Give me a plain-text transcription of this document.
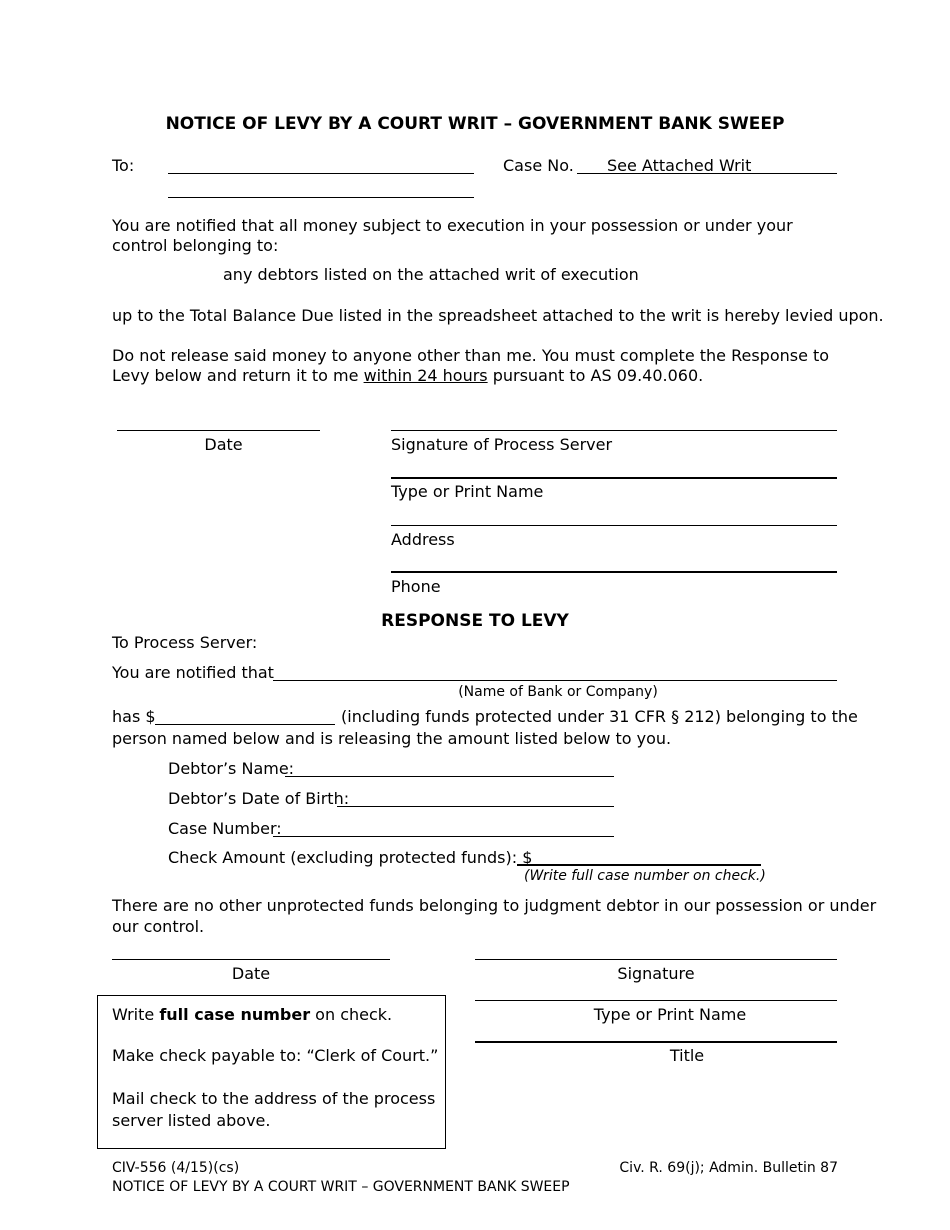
NOTICE OF LEVY BY A COURT WRIT – GOVERNMENT BANK SWEEP
To:	Case No. See Attached Writ
You are notified that all money subject to execution in your possession or under your control belonging to:
any debtors listed on the attached writ of execution
up to the Total Balance Due listed in the spreadsheet attached to the writ is hereby levied upon.
Do not release said money to anyone other than me. You must complete the Response to Levy below and return it to me within 24 hours pursuant to AS 09.40.060.
Date	Signature of Process Server
Type or Print Name
Address
Phone
RESPONSE TO LEVY
To Process Server:
You are notified that
(Name of Bank or Company)
has $	(including funds protected under 31 CFR § 212) belonging to the
person named below and is releasing the amount listed below to you.
Debtor’s Name:
Debtor’s Date of Birth:
Case Number:
Check Amount (excluding protected funds): $
(Write full case number on check.)
There are no other unprotected funds belonging to judgment debtor in our possession or under
our control.
Date	Signature
Type or Print Name
Title
Write full case number on check.
Make check payable to: “Clerk of Court.”
Mail check to the address of the process
server listed above.
CIV-556 (4/15)(cs)
NOTICE OF LEVY BY A COURT WRIT – GOVERNMENT BANK SWEEP
Civ. R. 69(j); Admin. Bulletin 87
